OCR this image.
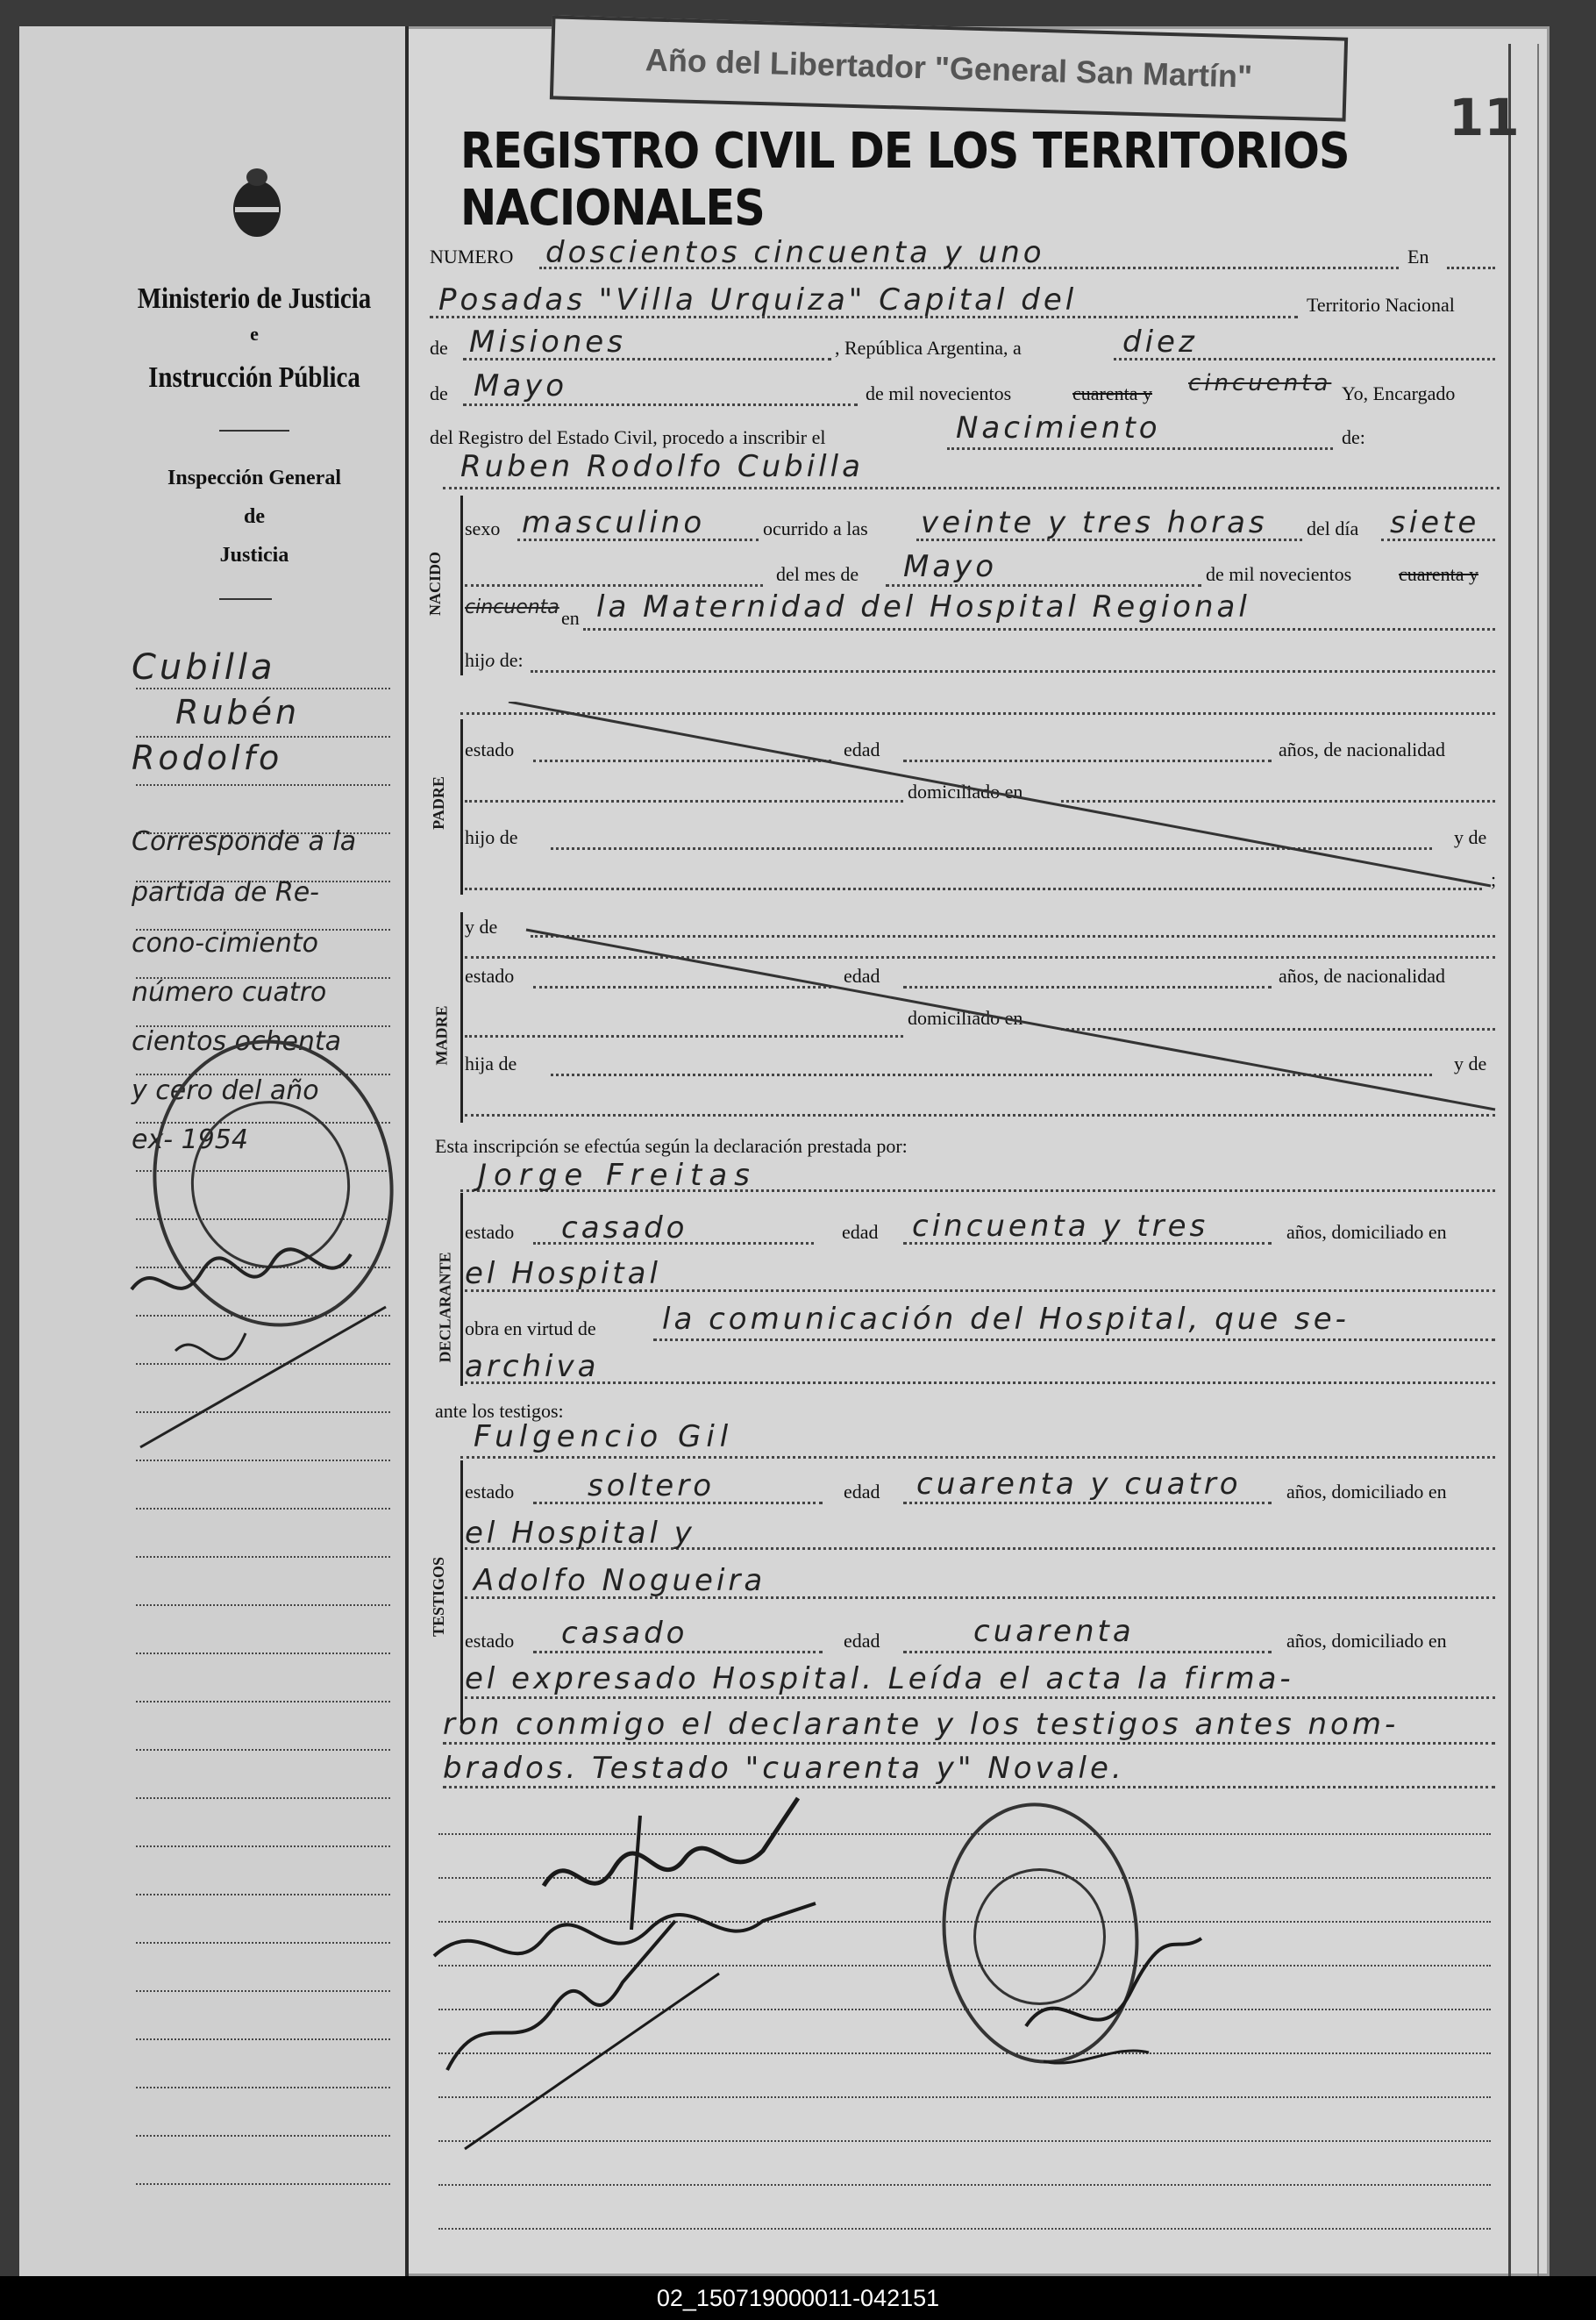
Año del Libertador "General San Martín"
11
REGISTRO CIVIL DE LOS TERRITORIOS NACIONALES
Ministerio de Justicia
e
Instrucción Pública
Inspección General
de
Justicia
Cubilla
Rubén
Rodolfo
Corresponde a la
partida de Re-
cono-cimiento
número cuatro
cientos ochenta
y cero del año
ex- 1954
NUMERO doscientos cincuenta y uno	En
Posadas "Villa Urquiza" Capital del	Territorio Nacional
de Misiones	, República Argentina, a	diez
de Mayo	de mil novecientos	cuarenta y cincuenta Yo, Encargado
del Registro del Estado Civil, procedo a inscribir el	Nacimiento	de:
Ruben Rodolfo Cubilla
NACIDO
sexo masculino	ocurrido a las veinte y tres horas del día siete
del mes de Mayo	de mil novecientos cuarenta y
cincuenta en la Maternidad del Hospital Regional
hijo de:
PADRE
estado	edad	años, de nacionalidad
domiciliado en
hijo de	y de
;
MADRE
y de
estado	edad	años, de nacionalidad
domiciliado en
hija de	y de
Esta inscripción se efectúa según la declaración prestada por:
Jorge Freitas
DECLARANTE
estado casado	edad cincuenta y tres	años, domiciliado en
el Hospital
obra en virtud de la comunicación del Hospital, que se-
archiva
ante los testigos:
Fulgencio Gil
TESTIGOS
estado soltero	edad cuarenta y cuatro años, domiciliado en
el Hospital y
Adolfo Nogueira
estado casado	edad	cuarenta	años, domiciliado en
el expresado Hospital. Leída el acta la firma-
ron conmigo el declarante y los testigos antes nom-
brados. Testado "cuarenta y" Novale.
02_150719000011-042151
